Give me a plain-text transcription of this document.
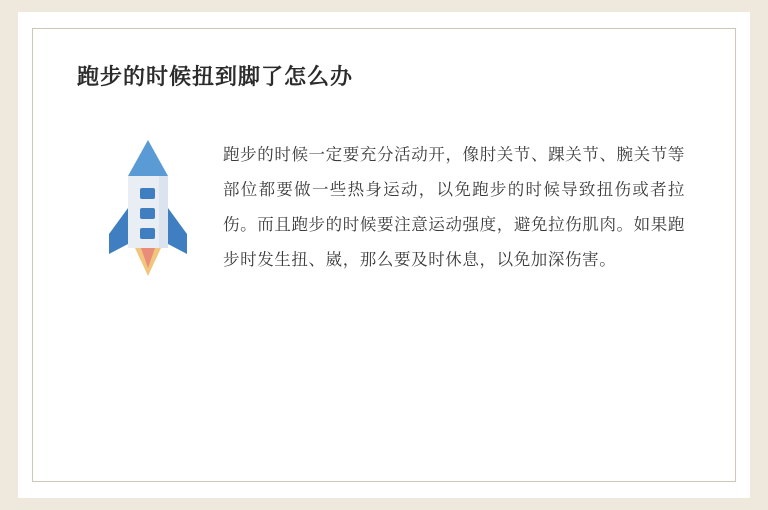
跑步的时候扭到脚了怎么办

跑步的时候一定要充分活动开，像肘关节、踝关节、腕关节等部位都要做一些热身运动，以免跑步的时候导致扭伤或者拉伤。而且跑步的时候要注意运动强度，避免拉伤肌肉。如果跑步时发生扭、崴，那么要及时休息，以免加深伤害。
